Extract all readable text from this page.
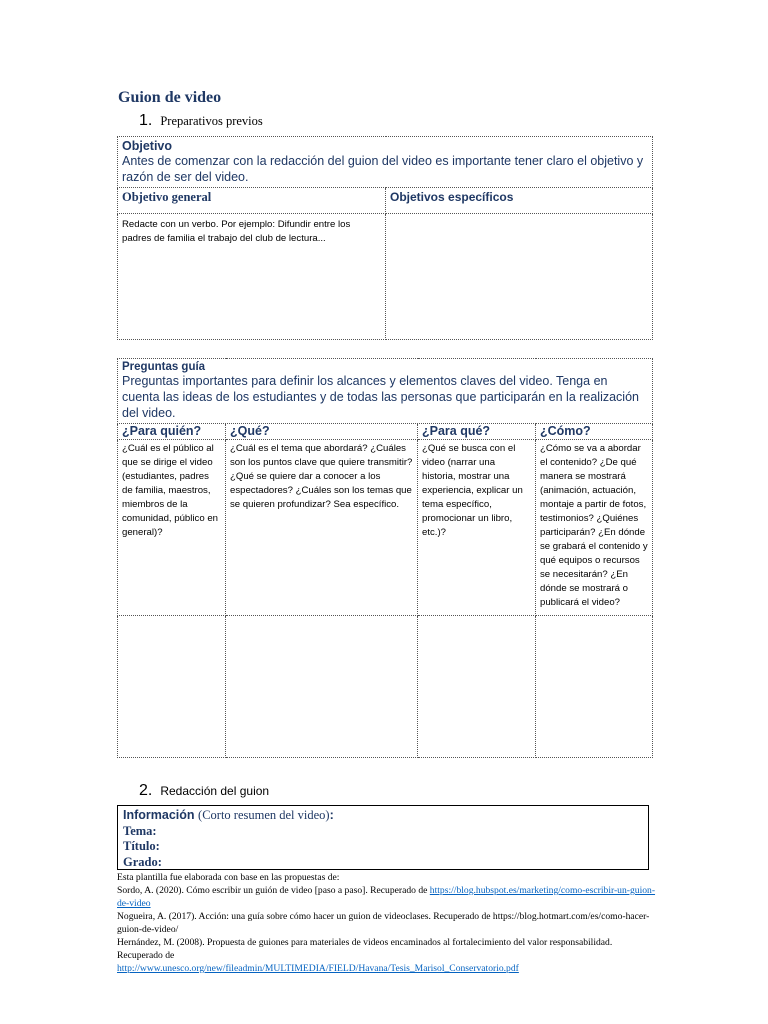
Guion de video
1. Preparativos previos
Objetivo
Antes de comenzar con la redacción del guion del video es importante tener claro el objetivo y razón de ser del video.	

Objetivo general	Objetivos específicos
Redacte con un verbo. Por ejemplo: Difundir entre los padres de familia el trabajo del club de lectura...	
Preguntas guía
Preguntas importantes para definir los alcances y elementos claves del video. Tenga en cuenta las ideas de los estudiantes y de todas las personas que participarán en la realización del video.			

¿Para quién?	¿Qué?	¿Para qué?	¿Cómo?
¿Cuál es el público al que se dirige el video (estudiantes, padres de familia, maestros, miembros de la comunidad, público en general)?	¿Cuál es el tema que abordará? ¿Cuáles son los puntos clave que quiere transmitir? ¿Qué se quiere dar a conocer a los espectadores? ¿Cuáles son los temas que se quieren profundizar? Sea específico.	¿Qué se busca con el video (narrar una historia, mostrar una experiencia, explicar un tema específico, promocionar un libro, etc.)?	¿Cómo se va a abordar el contenido? ¿De qué manera se mostrará (animación, actuación, montaje a partir de fotos, testimonios? ¿Quiénes participarán? ¿En dónde se grabará el contenido y qué equipos o recursos se necesitarán? ¿En dónde se mostrará o publicará el video?

2. Redacción del guion
Información (Corto resumen del video):
Tema:
Título:
Grado:
Esta plantilla fue elaborada con base en las propuestas de:
Sordo, A. (2020). Cómo escribir un guión de video [paso a paso]. Recuperado de https://blog.hubspot.es/marketing/como-escribir-un-guion-de-video
Nogueira, A. (2017). Acción: una guía sobre cómo hacer un guion de videoclases. Recuperado de https://blog.hotmart.com/es/como-hacer-guion-de-video/
Hernández, M. (2008). Propuesta de guiones para materiales de videos encaminados al fortalecimiento del valor responsabilidad. Recuperado de
http://www.unesco.org/new/fileadmin/MULTIMEDIA/FIELD/Havana/Tesis_Marisol_Conservatorio.pdf
